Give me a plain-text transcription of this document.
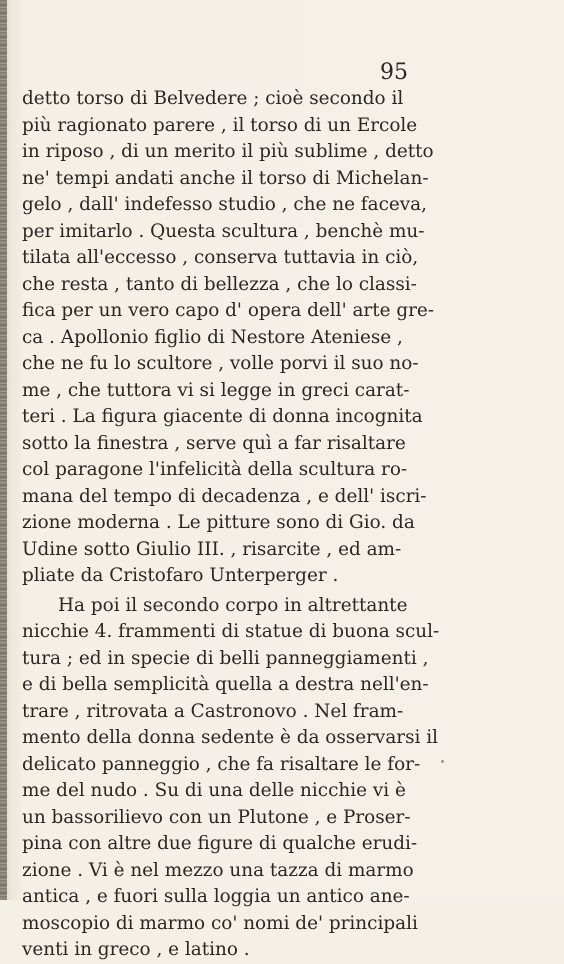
95
detto torso di Belvedere ; cioè secondo il
più ragionato parere , il torso di un Ercole
in riposo , di un merito il più sublime , detto
ne' tempi andati anche il torso di Michelan-
gelo , dall' indefesso studio , che ne faceva,
per imitarlo . Questa scultura , benchè mu-
tilata all'eccesso , conserva tuttavia in ciò,
che resta , tanto di bellezza , che lo classi-
fica per un vero capo d' opera dell' arte gre-
ca . Apollonio figlio di Nestore Ateniese ,
che ne fu lo scultore , volle porvi il suo no-
me , che tuttora vi si legge in greci carat-
teri . La figura giacente di donna incognita
sotto la finestra , serve quì a far risaltare
col paragone l'infelicità della scultura ro-
mana del tempo di decadenza , e dell' iscri-
zione moderna . Le pitture sono di Gio. da
Udine sotto Giulio III. , risarcite , ed am-
pliate da Cristofaro Unterperger .
Ha poi il secondo corpo in altrettante
nicchie 4. frammenti di statue di buona scul-
tura ; ed in specie di belli panneggiamenti ,
e di bella semplicità quella a destra nell'en-
trare , ritrovata a Castronovo . Nel fram-
mento della donna sedente è da osservarsi il
delicato panneggio , che fa risaltare le for-
me del nudo . Su di una delle nicchie vi è
un bassorilievo con un Plutone , e Proser-
pina con altre due figure di qualche erudi-
zione . Vi è nel mezzo una tazza di marmo
antica , e fuori sulla loggia un antico ane-
moscopio di marmo co' nomi de' principali
venti in greco , e latino .
